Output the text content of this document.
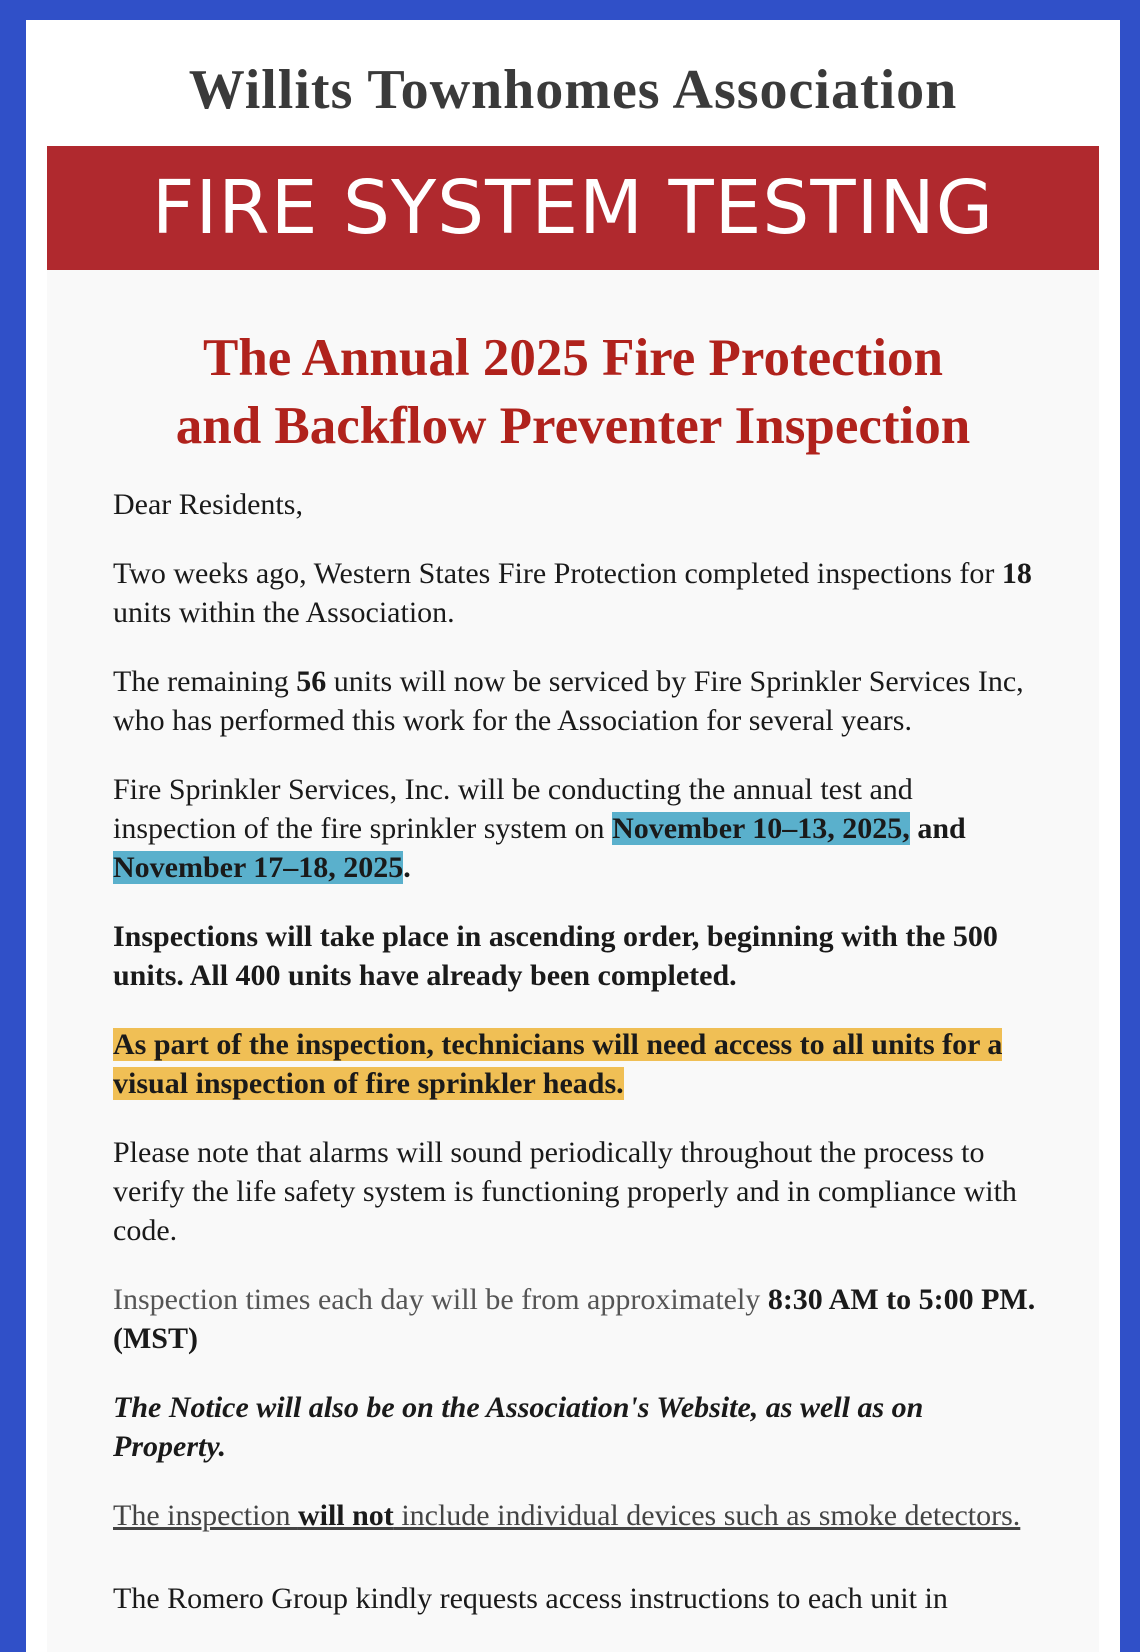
Willits Townhomes Association
FIRE SYSTEM TESTING
The Annual 2025 Fire Protection
and Backflow Preventer Inspection

Dear Residents,

Two weeks ago, Western States Fire Protection completed inspections for 18 units within the Association.

The remaining 56 units will now be serviced by Fire Sprinkler Services Inc, who has performed this work for the Association for several years.

Fire Sprinkler Services, Inc. will be conducting the annual test and inspection of the fire sprinkler system on November 10–13, 2025, and November 17–18, 2025.

Inspections will take place in ascending order, beginning with the 500 units. All 400 units have already been completed.

As part of the inspection, technicians will need access to all units for a visual inspection of fire sprinkler heads.

Please note that alarms will sound periodically throughout the process to verify the life safety system is functioning properly and in compliance with code.

Inspection times each day will be from approximately 8:30 AM to 5:00 PM. (MST)

The Notice will also be on the Association's Website, as well as on Property.

The inspection will not include individual devices such as smoke detectors.

The Romero Group kindly requests access instructions to each unit in
